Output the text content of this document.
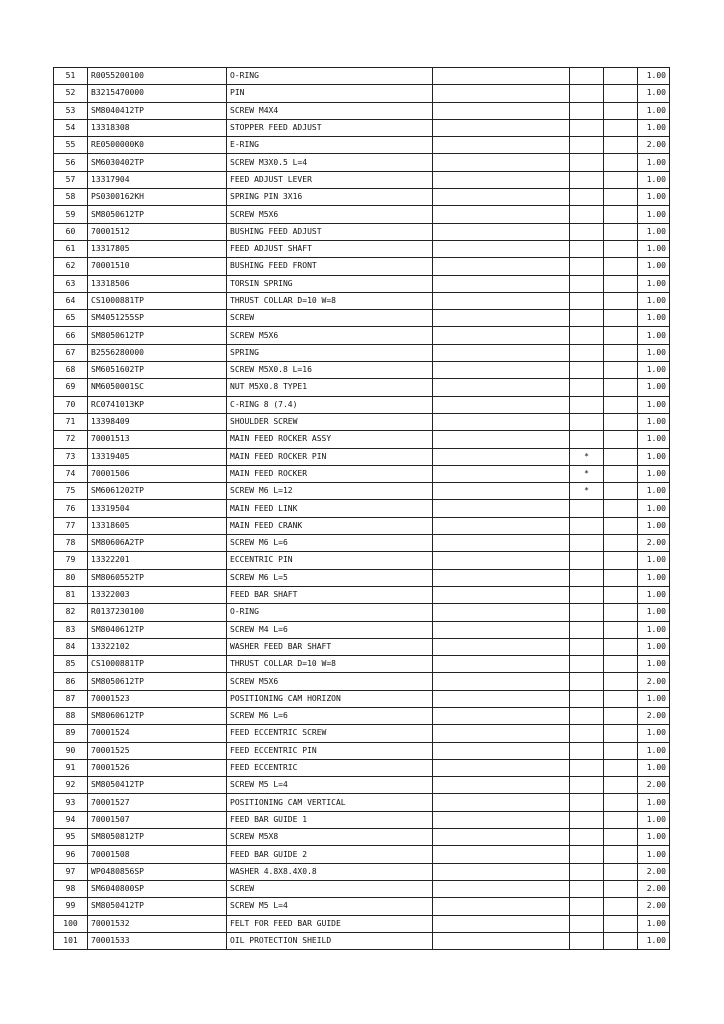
51	R0055200100	O-RING				1.00
52	B3215470000	PIN				1.00
53	SM8040412TP	SCREW M4X4				1.00
54	13318308	STOPPER FEED ADJUST				1.00
55	RE0500000K0	E-RING				2.00
56	SM6030402TP	SCREW M3X0.5 L=4				1.00
57	13317904	FEED ADJUST LEVER				1.00
58	PS0300162KH	SPRING PIN 3X16				1.00
59	SM8050612TP	SCREW M5X6				1.00
60	70001512	BUSHING FEED ADJUST				1.00
61	13317805	FEED ADJUST SHAFT				1.00
62	70001510	BUSHING FEED FRONT				1.00
63	13318506	TORSIN SPRING				1.00
64	CS1000881TP	THRUST COLLAR D=10 W=8				1.00
65	SM4051255SP	SCREW				1.00
66	SM8050612TP	SCREW M5X6				1.00
67	B2556280000	SPRING				1.00
68	SM6051602TP	SCREW M5X0.8 L=16				1.00
69	NM6050001SC	NUT M5X0.8 TYPE1				1.00
70	RC0741013KP	C-RING 8 (7.4)				1.00
71	13398409	SHOULDER SCREW				1.00
72	70001513	MAIN FEED ROCKER ASSY				1.00
73	13319405	MAIN FEED ROCKER PIN		*		1.00
74	70001506	MAIN FEED ROCKER		*		1.00
75	SM6061202TP	SCREW M6 L=12		*		1.00
76	13319504	MAIN FEED LINK				1.00
77	13318605	MAIN FEED CRANK				1.00
78	SM80606A2TP	SCREW M6 L=6				2.00
79	13322201	ECCENTRIC PIN				1.00
80	SM8060552TP	SCREW M6 L=5				1.00
81	13322003	FEED BAR SHAFT				1.00
82	R0137230100	O-RING				1.00
83	SM8040612TP	SCREW M4 L=6				1.00
84	13322102	WASHER FEED BAR SHAFT				1.00
85	CS1000881TP	THRUST COLLAR D=10 W=8				1.00
86	SM8050612TP	SCREW M5X6				2.00
87	70001523	POSITIONING CAM HORIZON				1.00
88	SM8060612TP	SCREW M6 L=6				2.00
89	70001524	FEED ECCENTRIC SCREW				1.00
90	70001525	FEED ECCENTRIC PIN				1.00
91	70001526	FEED ECCENTRIC				1.00
92	SM8050412TP	SCREW M5 L=4				2.00
93	70001527	POSITIONING CAM VERTICAL				1.00
94	70001507	FEED BAR GUIDE 1				1.00
95	SM8050812TP	SCREW M5X8				1.00
96	70001508	FEED BAR GUIDE 2				1.00
97	WP0480856SP	WASHER 4.8X8.4X0.8				2.00
98	SM6040800SP	SCREW				2.00
99	SM8050412TP	SCREW M5 L=4				2.00
100	70001532	FELT FOR FEED BAR GUIDE				1.00
101	70001533	OIL PROTECTION SHEILD				1.00
